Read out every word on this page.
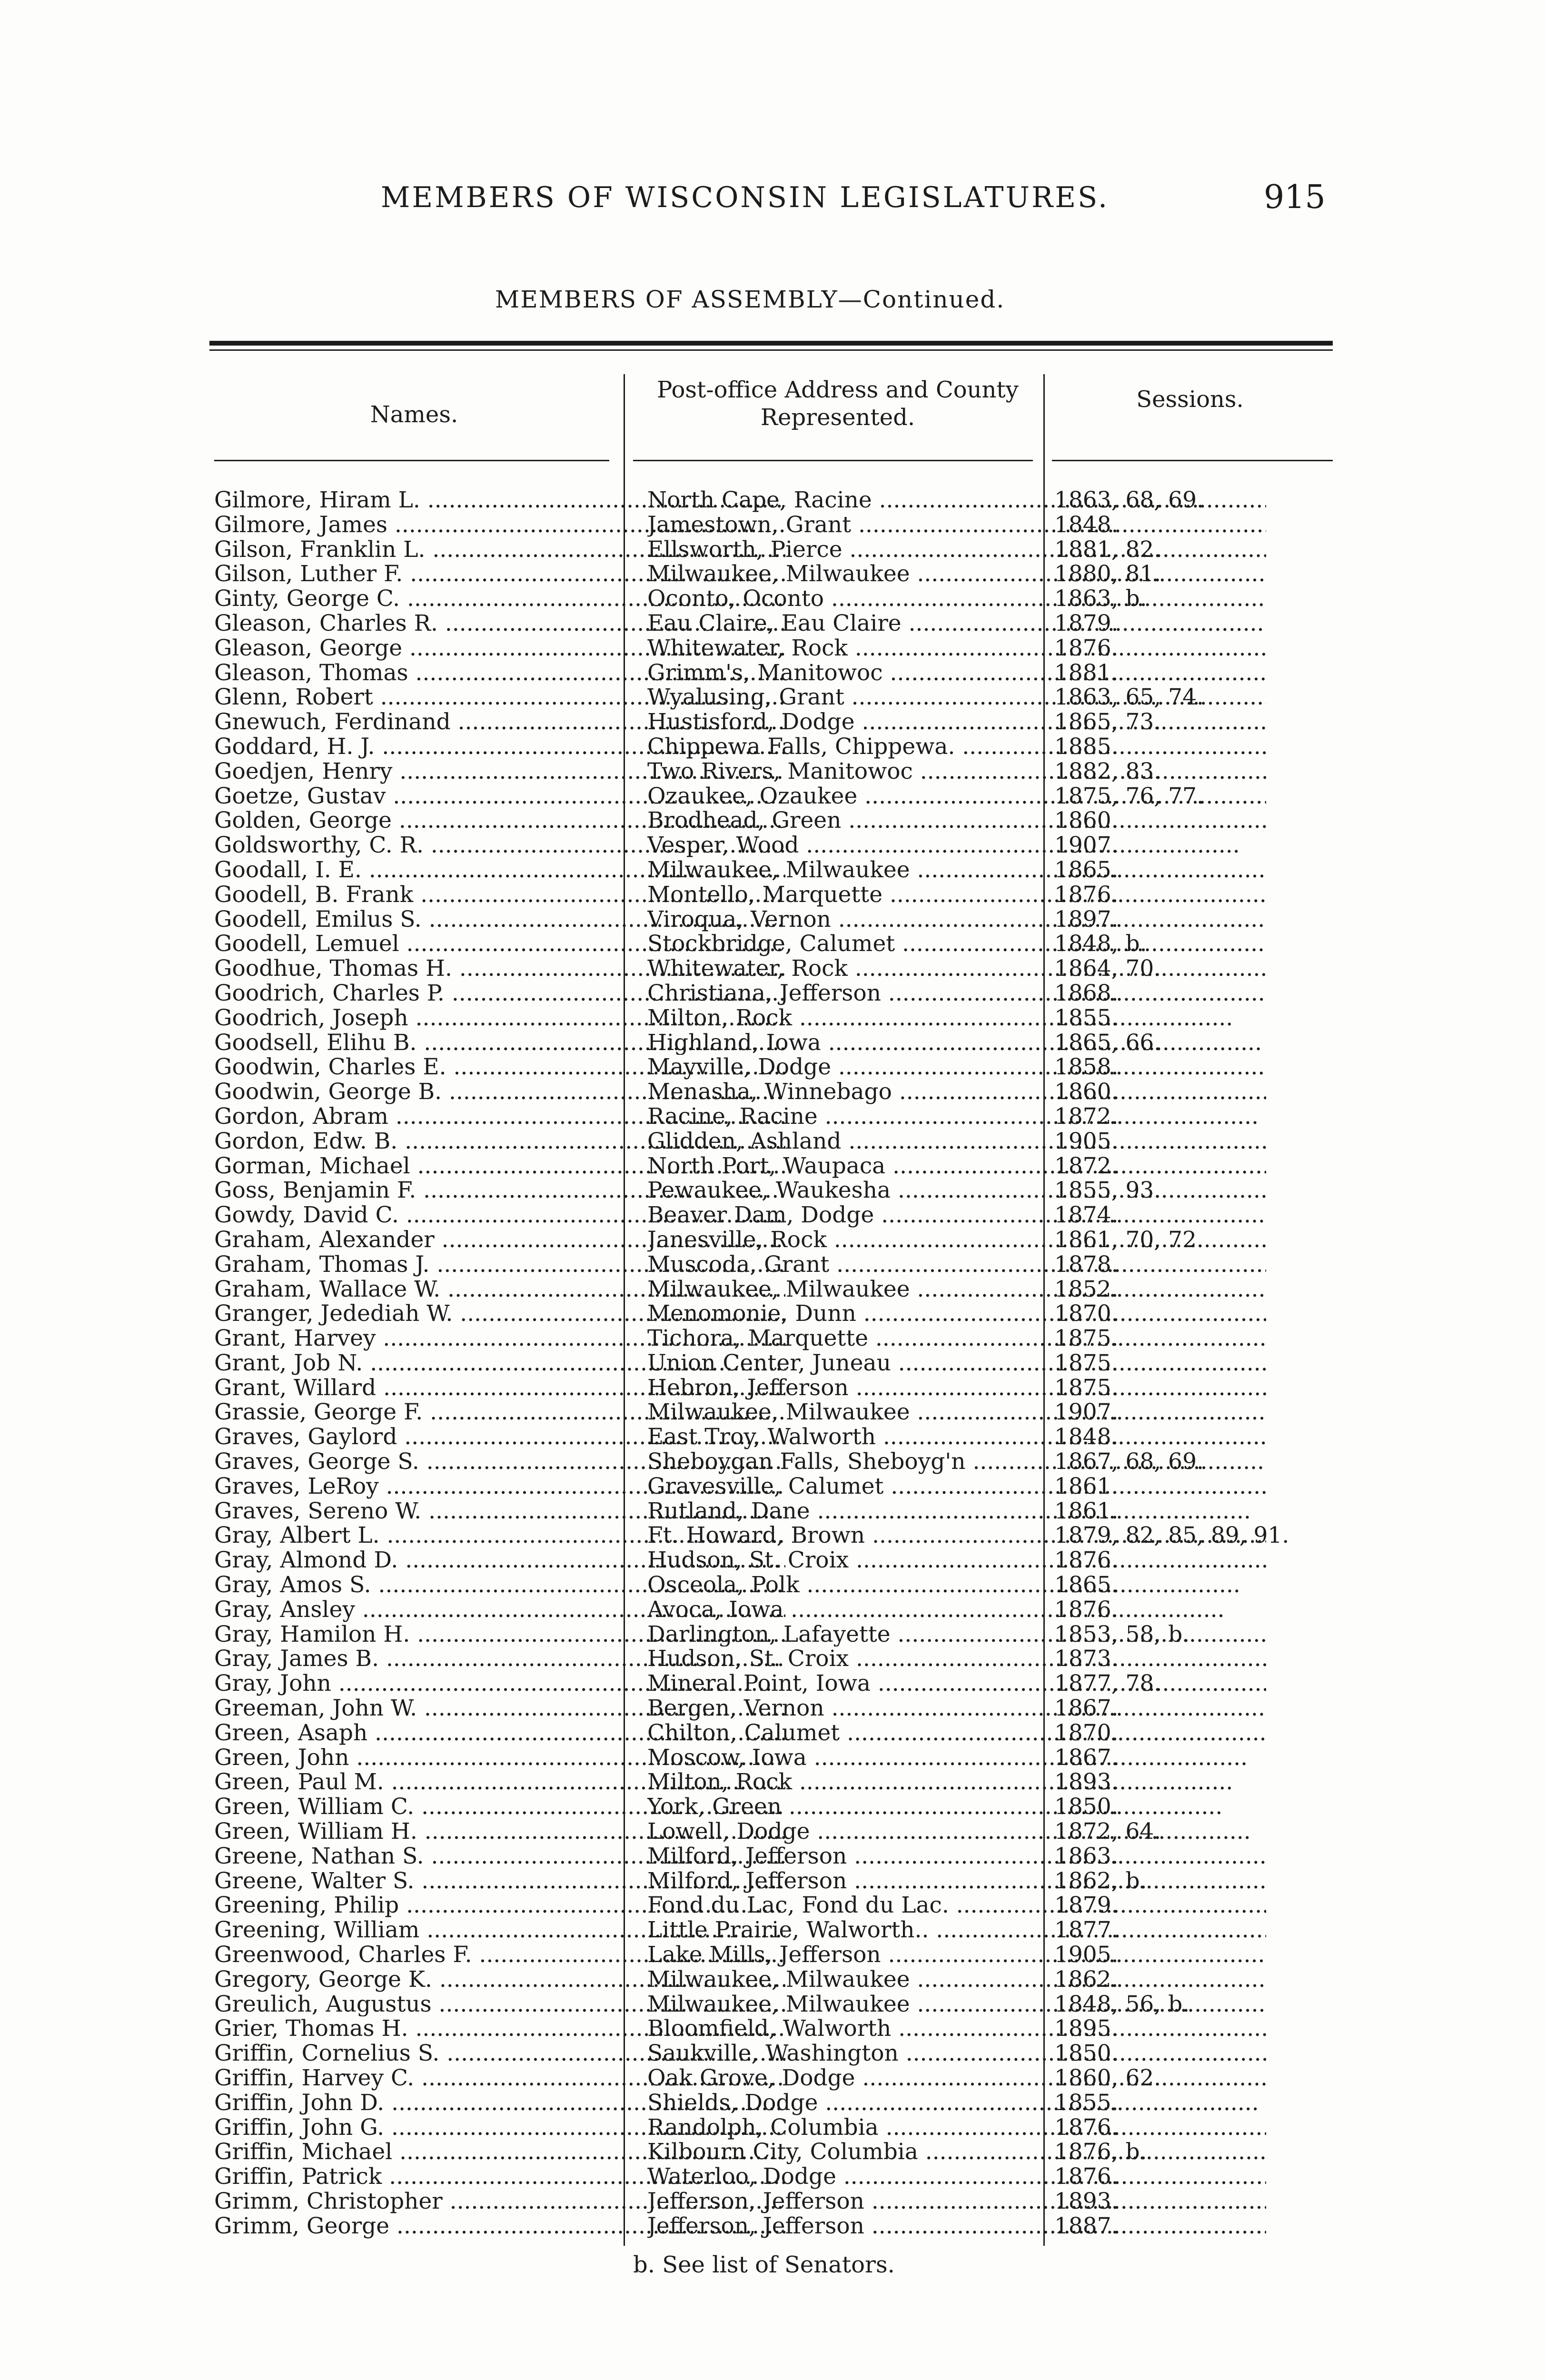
MEMBERS OF WISCONSIN LEGISLATURES.	915
MEMBERS OF ASSEMBLY—Continued.
Names.
Post-office Address and County Represented.
Sessions.
Gilmore, Hiram L. .....	North Cape, Racine .....	1863, 68, 69.
Gilmore, James .....	Jamestown, Grant .....	1848.
Gilson, Franklin L. .....	Ellsworth, Pierce .....	1881, 82.
Gilson, Luther F. .....	Milwaukee, Milwaukee .....	1880, 81.
Ginty, George C. .....	Oconto, Oconto .....	1863, b.
Gleason, Charles R. .....	Eau Claire, Eau Claire .....	1879.
Gleason, George .....	Whitewater, Rock .....	1876.
Gleason, Thomas .....	Grimm's, Manitowoc .....	1881.
Glenn, Robert .....	Wyalusing, Grant .....	1863, 65, 74.
Gnewuch, Ferdinand .....	Hustisford, Dodge .....	1865, 73.
Goddard, H. J. .....	Chippewa Falls, Chippewa. .....	1885.
Goedjen, Henry .....	Two Rivers, Manitowoc .....	1882, 83.
Goetze, Gustav .....	Ozaukee, Ozaukee .....	1875, 76, 77.
Golden, George .....	Brodhead, Green .....	1860.
Goldsworthy, C. R. .....	Vesper, Wood .....	1907.
Goodall, I. E. .....	Milwaukee, Milwaukee .....	1865.
Goodell, B. Frank .....	Montello, Marquette .....	1876.
Goodell, Emilus S. .....	Viroqua, Vernon .....	1897.
Goodell, Lemuel .....	Stockbridge, Calumet .....	1848, b.
Goodhue, Thomas H. .....	Whitewater, Rock .....	1864, 70.
Goodrich, Charles P. .....	Christiana, Jefferson .....	1868.
Goodrich, Joseph .....	Milton, Rock .....	1855.
Goodsell, Elihu B. .....	Highland, Iowa .....	1865, 66.
Goodwin, Charles E. .....	Mayville, Dodge .....	1858.
Goodwin, George B. .....	Menasha, Winnebago .....	1860.
Gordon, Abram .....	Racine, Racine .....	1872.
Gordon, Edw. B. .....	Glidden, Ashland .....	1905.
Gorman, Michael .....	North Port, Waupaca .....	1872.
Goss, Benjamin F. .....	Pewaukee, Waukesha .....	1855, 93.
Gowdy, David C. .....	Beaver Dam, Dodge .....	1874.
Graham, Alexander .....	Janesville, Rock .....	1861, 70, 72.
Graham, Thomas J. .....	Muscoda, Grant .....	1878.
Graham, Wallace W. .....	Milwaukee, Milwaukee .....	1852.
Granger, Jedediah W. .....	Menomonie, Dunn .....	1870.
Grant, Harvey .....	Tichora, Marquette .....	1875.
Grant, Job N. .....	Union Center, Juneau .....	1875.
Grant, Willard .....	Hebron, Jefferson .....	1875.
Grassie, George F. .....	Milwaukee, Milwaukee .....	1907.
Graves, Gaylord .....	East Troy, Walworth .....	1848.
Graves, George S. .....	Sheboygan Falls, Sheboyg'n .....	1867, 68, 69.
Graves, LeRoy .....	Gravesville, Calumet .....	1861.
Graves, Sereno W. .....	Rutland, Dane .....	1861.
Gray, Albert L. .....	Ft. Howard, Brown .....	1879, 82, 85, 89, 91.
Gray, Almond D. .....	Hudson, St. Croix .....	1876.
Gray, Amos S. .....	Osceola, Polk .....	1865.
Gray, Ansley .....	Avoca, Iowa .....	1876.
Gray, Hamilon H. .....	Darlington, Lafayette .....	1853, 58, b.
Gray, James B. .....	Hudson, St. Croix .....	1873.
Gray, John .....	Mineral Point, Iowa .....	1877, 78.
Greeman, John W. .....	Bergen, Vernon .....	1867.
Green, Asaph .....	Chilton, Calumet .....	1870.
Green, John .....	Moscow, Iowa .....	1867.
Green, Paul M. .....	Milton, Rock .....	1893.
Green, William C. .....	York, Green .....	1850.
Green, William H. .....	Lowell, Dodge .....	1872, 64.
Greene, Nathan S. .....	Milford, Jefferson .....	1863.
Greene, Walter S. .....	Milford, Jefferson .....	1862, b.
Greening, Philip .....	Fond du Lac, Fond du Lac. .....	1879.
Greening, William .....	Little Prairie, Walworth.. .....	1877.
Greenwood, Charles F. .....	Lake Mills, Jefferson .....	1905.
Gregory, George K. .....	Milwaukee, Milwaukee .....	1862.
Greulich, Augustus .....	Milwaukee, Milwaukee .....	1848, 56, b.
Grier, Thomas H. .....	Bloomfield, Walworth .....	1895.
Griffin, Cornelius S. .....	Saukville, Washington .....	1850.
Griffin, Harvey C. .....	Oak Grove, Dodge .....	1860, 62.
Griffin, John D. .....	Shields, Dodge .....	1855.
Griffin, John G. .....	Randolph, Columbia .....	1876.
Griffin, Michael .....	Kilbourn City, Columbia .....	1876, b.
Griffin, Patrick .....	Waterloo, Dodge .....	1876.
Grimm, Christopher .....	Jefferson, Jefferson .....	1893.
Grimm, George .....	Jefferson, Jefferson .....	1887.
b. See list of Senators.
